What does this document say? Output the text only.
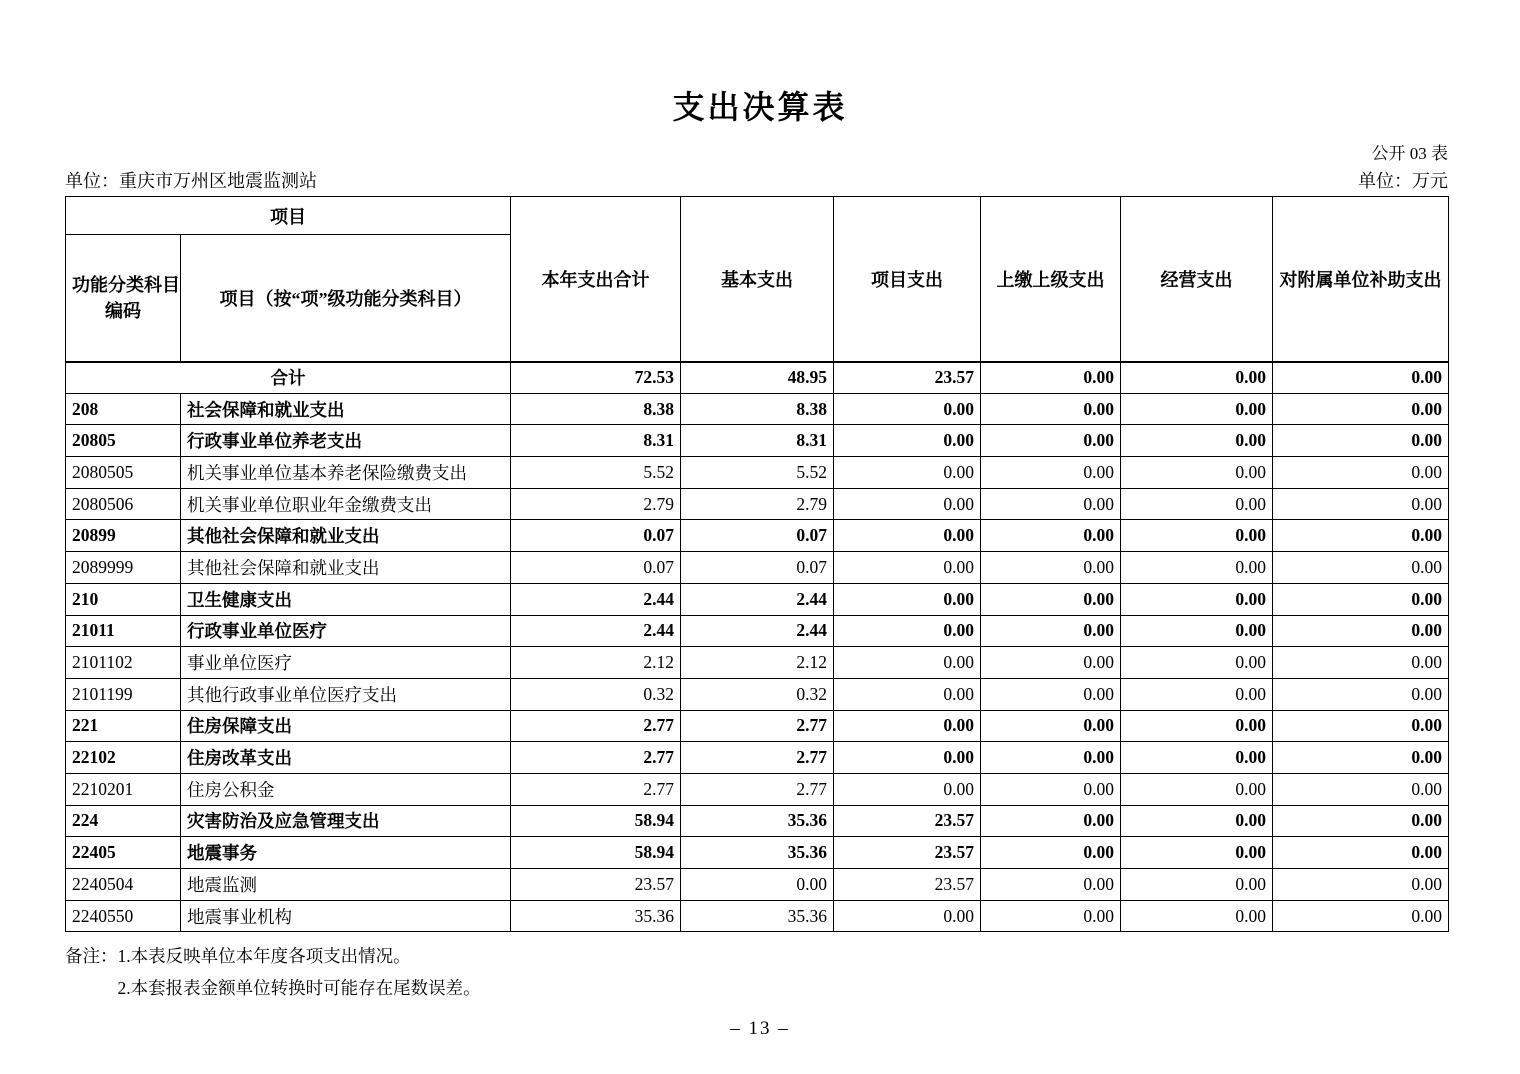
支出决算表
公开 03 表
单位：重庆市万州区地震监测站	单位：万元
项目		本年支出合计	基本支出	项目支出	上缴上级支出	经营支出	对附属单位补助支出

功能分类科目
编码	项目（按“项”级功能分类科目）						
合计		72.53	48.95	23.57	0.00	0.00	0.00
208	社会保障和就业支出	8.38	8.38	0.00	0.00	0.00	0.00
20805	行政事业单位养老支出	8.31	8.31	0.00	0.00	0.00	0.00
2080505	机关事业单位基本养老保险缴费支出	5.52	5.52	0.00	0.00	0.00	0.00
2080506	机关事业单位职业年金缴费支出	2.79	2.79	0.00	0.00	0.00	0.00
20899	其他社会保障和就业支出	0.07	0.07	0.00	0.00	0.00	0.00
2089999	其他社会保障和就业支出	0.07	0.07	0.00	0.00	0.00	0.00
210	卫生健康支出	2.44	2.44	0.00	0.00	0.00	0.00
21011	行政事业单位医疗	2.44	2.44	0.00	0.00	0.00	0.00
2101102	事业单位医疗	2.12	2.12	0.00	0.00	0.00	0.00
2101199	其他行政事业单位医疗支出	0.32	0.32	0.00	0.00	0.00	0.00
221	住房保障支出	2.77	2.77	0.00	0.00	0.00	0.00
22102	住房改革支出	2.77	2.77	0.00	0.00	0.00	0.00
2210201	住房公积金	2.77	2.77	0.00	0.00	0.00	0.00
224	灾害防治及应急管理支出	58.94	35.36	23.57	0.00	0.00	0.00
22405	地震事务	58.94	35.36	23.57	0.00	0.00	0.00
2240504	地震监测	23.57	0.00	23.57	0.00	0.00	0.00
2240550	地震事业机构	35.36	35.36	0.00	0.00	0.00	0.00
备注： 1.本表反映单位本年度各项支出情况。
2.本套报表金额单位转换时可能存在尾数误差。
– 13 –
